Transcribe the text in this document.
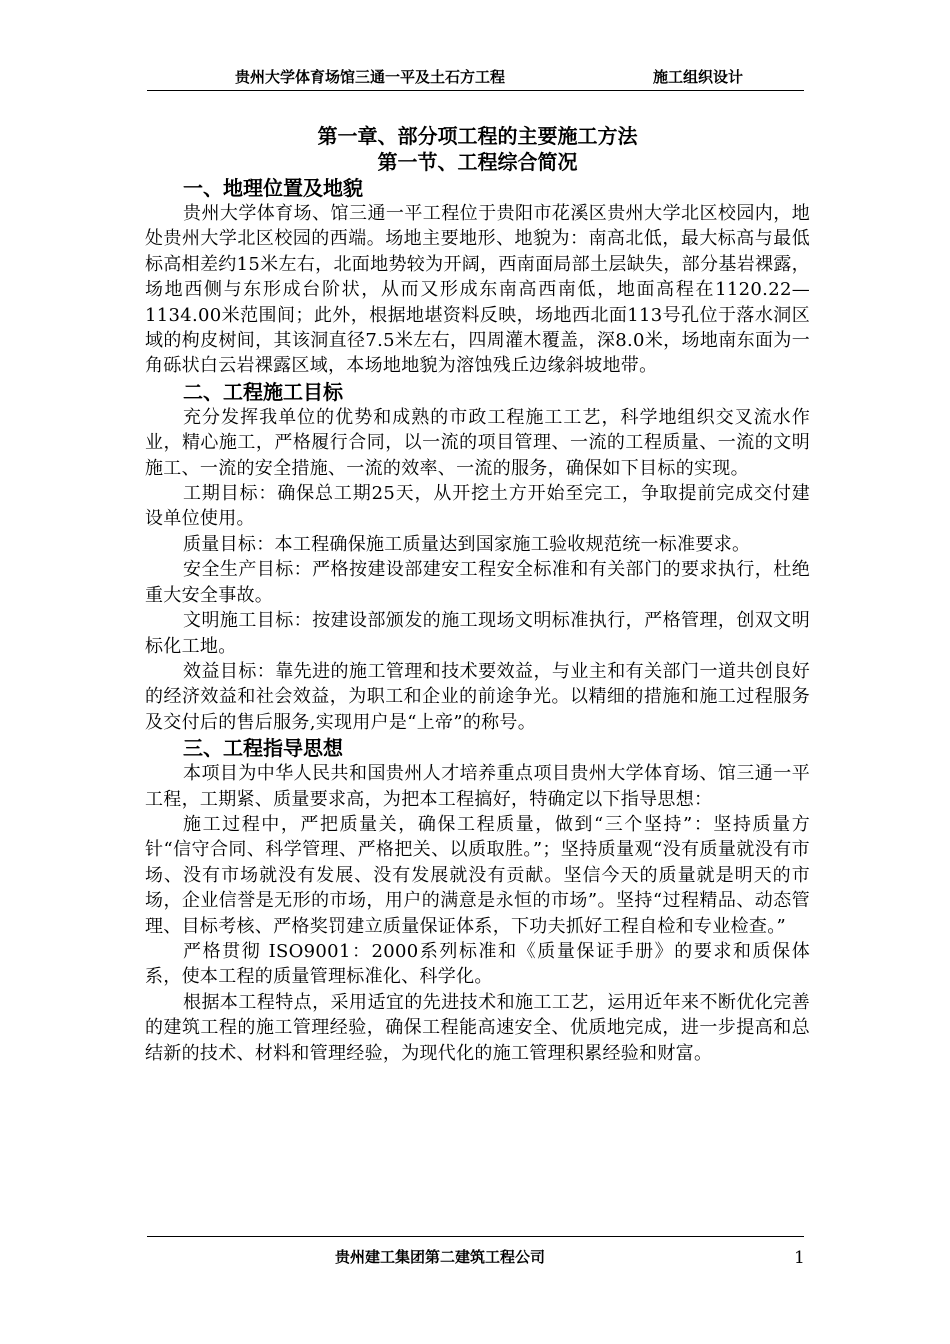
贵州大学体育场馆三通一平及土石方工程	施工组织设计
第一章、部分项工程的主要施工方法
第一节、工程综合简况
一、地理位置及地貌

贵州大学体育场、馆三通一平工程位于贵阳市花溪区贵州大学北区校园内，地处贵州大学北区校园的西端。场地主要地形、地貌为：南高北低，最大标高与最低标高相差约15米左右，北面地势较为开阔，西南面局部土层缺失，部分基岩裸露，场地西侧与东形成台阶状，从而又形成东南高西南低，地面高程在1120.22—1134.00米范围间；此外，根据地堪资料反映，场地西北面113号孔位于落水洞区域的枸皮树间，其该洞直径7.5米左右，四周灌木覆盖，深8.0米，场地南东面为一角砾状白云岩裸露区域，本场地地貌为溶蚀残丘边缘斜坡地带。

二、工程施工目标

充分发挥我单位的优势和成熟的市政工程施工工艺，科学地组织交叉流水作业，精心施工，严格履行合同，以一流的项目管理、一流的工程质量、一流的文明施工、一流的安全措施、一流的效率、一流的服务，确保如下目标的实现。

工期目标：确保总工期25天，从开挖土方开始至完工，争取提前完成交付建设单位使用。

质量目标：本工程确保施工质量达到国家施工验收规范统一标准要求。

安全生产目标：严格按建设部建安工程安全标准和有关部门的要求执行，杜绝重大安全事故。

文明施工目标：按建设部颁发的施工现场文明标准执行，严格管理，创双文明标化工地。

效益目标：靠先进的施工管理和技术要效益，与业主和有关部门一道共创良好的经济效益和社会效益，为职工和企业的前途争光。以精细的措施和施工过程服务及交付后的售后服务,实现用户是“上帝”的称号。

三、工程指导思想

本项目为中华人民共和国贵州人才培养重点项目贵州大学体育场、馆三通一平工程，工期紧、质量要求高，为把本工程搞好，特确定以下指导思想：

施工过程中，严把质量关，确保工程质量，做到“三个坚持”：坚持质量方针“信守合同、科学管理、严格把关、以质取胜。”；坚持质量观“没有质量就没有市场、没有市场就没有发展、没有发展就没有贡献。坚信今天的质量就是明天的市场，企业信誉是无形的市场，用户的满意是永恒的市场”。坚持“过程精品、动态管理、目标考核、严格奖罚建立质量保证体系，下功夫抓好工程自检和专业检查。”

严格贯彻 ISO9001：2000系列标准和《质量保证手册》的要求和质保体系，使本工程的质量管理标准化、科学化。

根据本工程特点，采用适宜的先进技术和施工工艺，运用近年来不断优化完善的建筑工程的施工管理经验，确保工程能高速安全、优质地完成，进一步提高和总结新的技术、材料和管理经验，为现代化的施工管理积累经验和财富。

贵州建工集团第二建筑工程公司	1
